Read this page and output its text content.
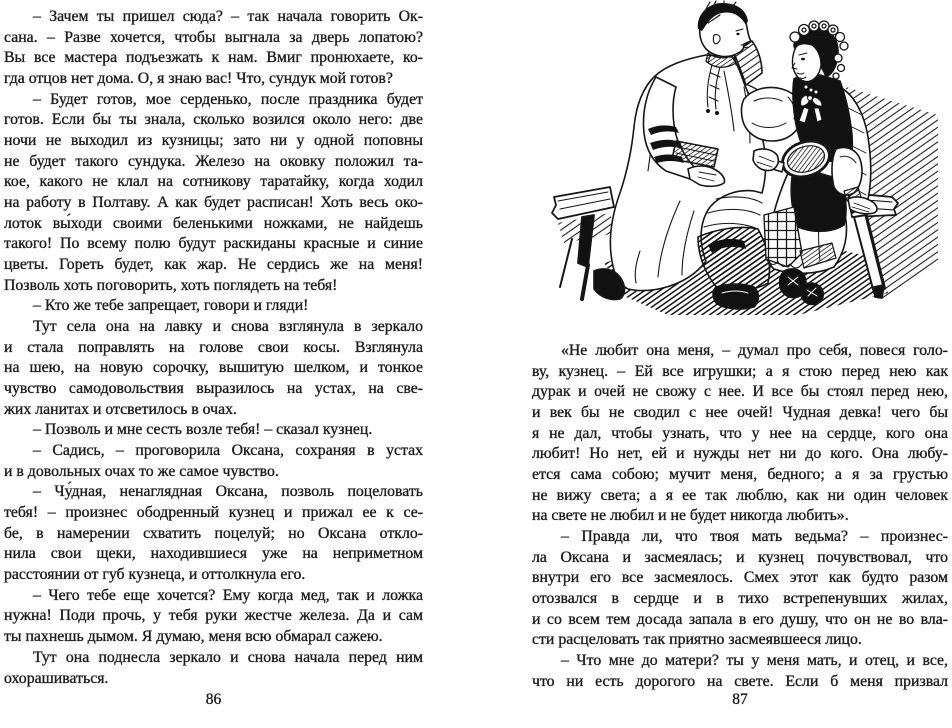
– Зачем ты пришел сюда? – так начала говорить Ок-
сана. – Разве хочется, чтобы выгнала за дверь лопатою?
Вы все мастера подъезжать к нам. Вмиг пронюхаете, ко-
гда отцов нет дома. О, я знаю вас! Что, сундук мой готов?
– Будет готов, мое серденько, после праздника будет
готов. Если бы ты знала, сколько возился около него: две
ночи не выходил из кузницы; зато ни у одной поповны
не будет такого сундука. Железо на оковку положил та-
кое, какого не клал на сотникову таратайку, когда ходил
на работу в Полтаву. А как будет расписан! Хоть весь око-
лоток вы́ходи своими беленькими ножками, не найдешь
такого! По всему полю будут раскиданы красные и синие
цветы. Гореть будет, как жар. Не сердись же на меня!
Позволь хоть поговорить, хоть поглядеть на тебя!
– Кто же тебе запрещает, говори и гляди!
Тут села она на лавку и снова взглянула в зеркало
и стала поправлять на голове свои косы. Взглянула
на шею, на новую сорочку, вышитую шелком, и тонкое
чувство самодовольствия выразилось на устах, на све-
жих ланитах и отсветилось в очах.
– Позволь и мне сесть возле тебя! – сказал кузнец.
– Садись, – проговорила Оксана, сохраняя в устах
и в довольных очах то же самое чувство.
– Чу́дная, ненаглядная Оксана, позволь поцеловать
тебя! – произнес ободренный кузнец и прижал ее к се-
бе, в намерении схватить поцелуй; но Оксана откло-
нила свои щеки, находившиеся уже на неприметном
расстоянии от губ кузнеца, и оттолкнула его.
– Чего тебе еще хочется? Ему когда мед, так и ложка
нужна! Поди прочь, у тебя руки жестче железа. Да и сам
ты пахнешь дымом. Я думаю, меня всю обмарал сажею.
Тут она поднесла зеркало и снова начала перед ним
охорашиваться.
86
«Не любит она меня, – думал про себя, повеся голо-
ву, кузнец. – Ей все игрушки; а я стою перед нею как
дурак и очей не свожу с нее. И все бы стоял перед нею,
и век бы не сводил с нее очей! Чудная девка! чего бы
я не дал, чтобы узнать, что у нее на сердце, кого она
любит! Но нет, ей и нужды нет ни до кого. Она любу-
ется сама собою; мучит меня, бедного; а я за грустью
не вижу света; а я ее так люблю, как ни один человек
на свете не любил и не будет никогда любить».
– Правда ли, что твоя мать ведьма? – произнес-
ла Оксана и засмеялась; и кузнец почувствовал, что
внутри его все засмеялось. Смех этот как будто разом
отозвался в сердце и в тихо встрепенувших жилах,
и со всем тем досада запала в его душу, что он не во вла-
сти расцеловать так приятно засмеявшееся лицо.
– Что мне до матери? ты у меня мать, и отец, и все,
что ни есть дорогого на свете. Если б меня призвал
87
